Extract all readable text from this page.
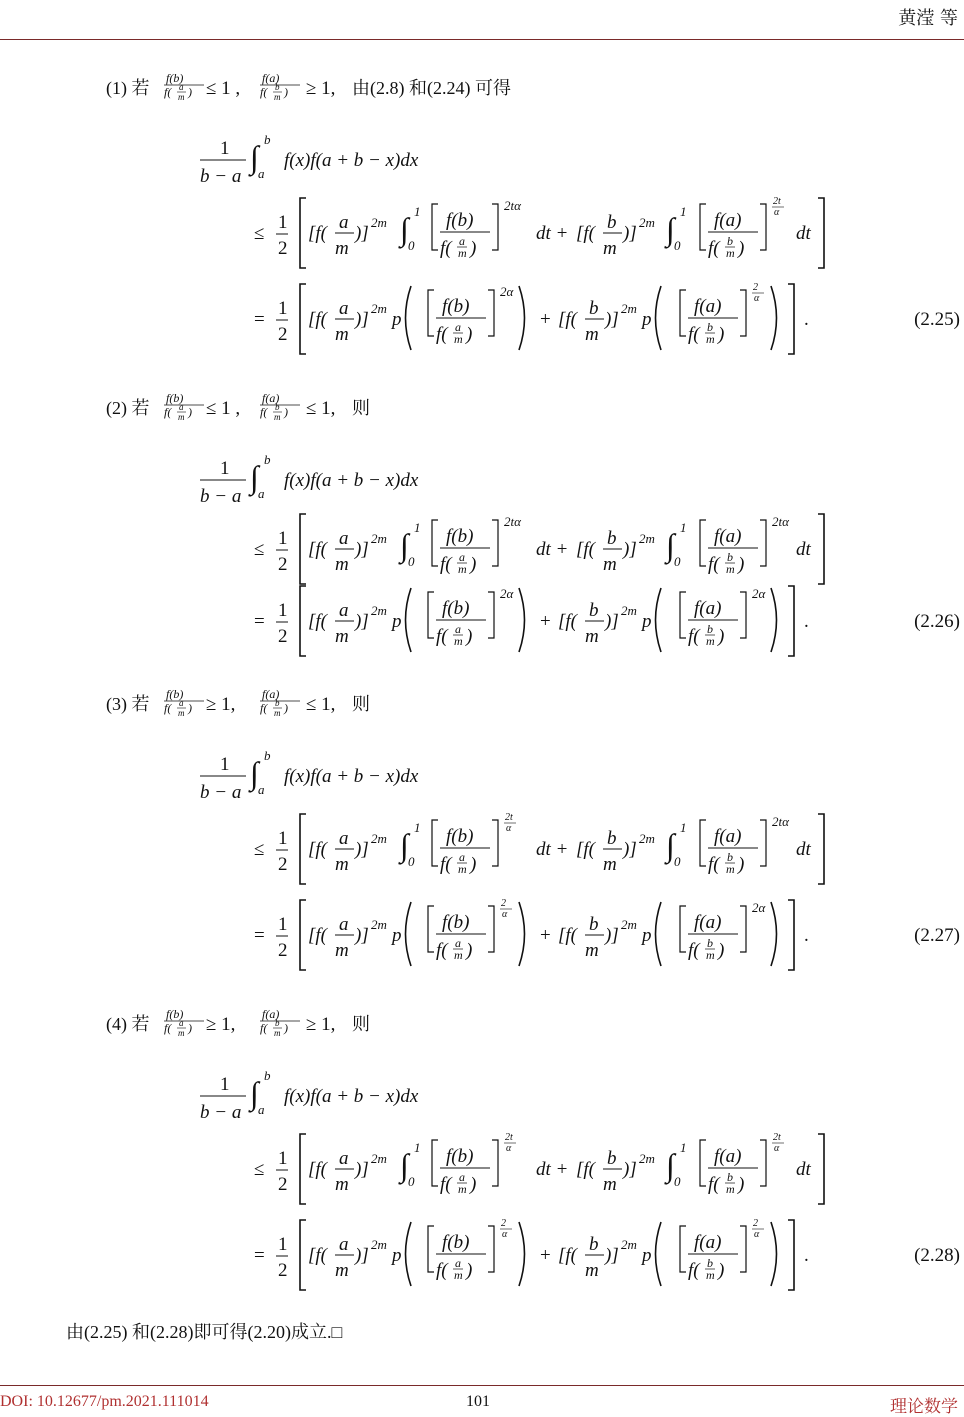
黄滢 等
(1) 若 f(b)
f( a
m ) ≤ 1 , f(a)
f( b
m ) ≥ 1, 由(2.8) 和(2.24) 可得
1
b − a
∫ b
a
f(x)f(a + b − x)dx
≤
1
2
[f(
a
m
)]
2m ∫ 1
0
f(b)
f( a
m )
2tα
dt + [f(
b
m
)]
2m ∫ 1
0
f(a)
f( b
m )
2t
α
dt
=
1
2
[f(
a
m
)]
2m
p
f(b)
f( a
m )
2α
+ [f(
b
m
)]
2m
p
f(a)
f( b
m )
2
α
.	(2.25)
(2) 若 f(b)
f( a
m ) ≤ 1 , f(a)
f( b
m ) ≤ 1, 则
1
b − a
∫ b
a
f(x)f(a + b − x)dx
≤
1
2
[f(
a
m
)]
2m ∫ 1
0
f(b)
f( a
m )
2tα
dt + [f(
b
m
)]
2m ∫ 1
0
f(a)
f( b
m )
2tα
dt
=
1
2
[f(
a
m
)]
2m
p
f(b)
f( a
m )
2α
+ [f(
b
m
)]
2m
p
f(a)
f( b
m )
2α
.	(2.26)
(3) 若 f(b)
f( a
m ) ≥ 1, f(a)
f( b
m ) ≤ 1, 则
1
b − a
∫ b
a
f(x)f(a + b − x)dx
≤
1
2
[f(
a
m
)]
2m ∫ 1
0
f(b)
f( a
m )
2t
α
dt + [f(
b
m
)]
2m ∫ 1
0
f(a)
f( b
m )
2tα
dt
=
1
2
[f(
a
m
)]
2m
p
f(b)
f( a
m )
2
α
+ [f(
b
m
)]
2m
p
f(a)
f( b
m )
2α
.	(2.27)
(4) 若 f(b)
f( a
m ) ≥ 1, f(a)
f( b
m ) ≥ 1, 则
1
b − a
∫ b
a
f(x)f(a + b − x)dx
≤
1
2
[f(
a
m
)]
2m ∫ 1
0
f(b)
f( a
m )
2t
α
dt + [f(
b
m
)]
2m ∫ 1
0
f(a)
f( b
m )
2t
α
dt
=
1
2
[f(
a
m
)]
2m
p
f(b)
f( a
m )
2
α
+ [f(
b
m
)]
2m
p
f(a)
f( b
m )
2
α
.	(2.28)
由(2.25) 和(2.28)即可得(2.20)成立.□
DOI: 10.12677/pm.2021.111014	101	理论数学
